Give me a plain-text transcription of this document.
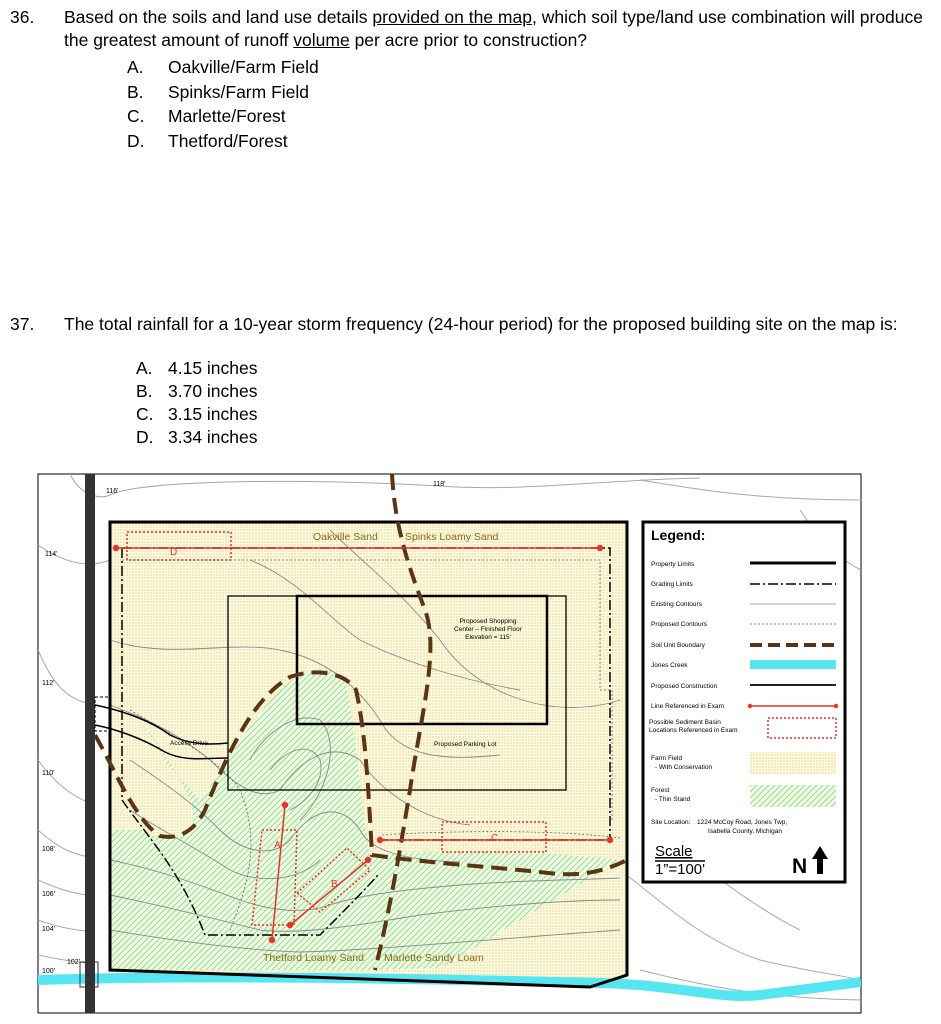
36. Based on the soils and land use details provided on the map, which soil type/land use combination will produce the greatest amount of runoff volume per acre prior to construction?
A.	Oakville/Farm Field
B.	Spinks/Farm Field
C.	Marlette/Forest
D.	Thetford/Forest
37. The total rainfall for a 10-year storm frequency (24-hour period) for the proposed building site on the map is:
A. 4.15 inches
B. 3.70 inches
C. 3.15 inches
D. 3.34 inches
116'
118'
114'
112'
110'
108'
106'
104'
102'
100'
Oakville Sand	Spinks Loamy Sand
Thetford Loamy Sand Marlette Sandy Loam
Proposed Shopping
Center – Finished Floor
Elevation = 115'
Proposed Parking Lot
Access Drive
D
C
A
B
Legend:
Property Limits
Grading Limits
Existing Contours
Proposed Contours
Soil Unit Boundary
Jones Creek
Proposed Construction
Line Referenced in Exam
Possible Sediment Basin
Locations Referenced in Exam
Farm Field
- With Conservation
Forest
- Thin Stand
Site Location: 1224 McCoy Road, Jones Twp,
Isabella County, Michigan
Scale
1”=100'	N
